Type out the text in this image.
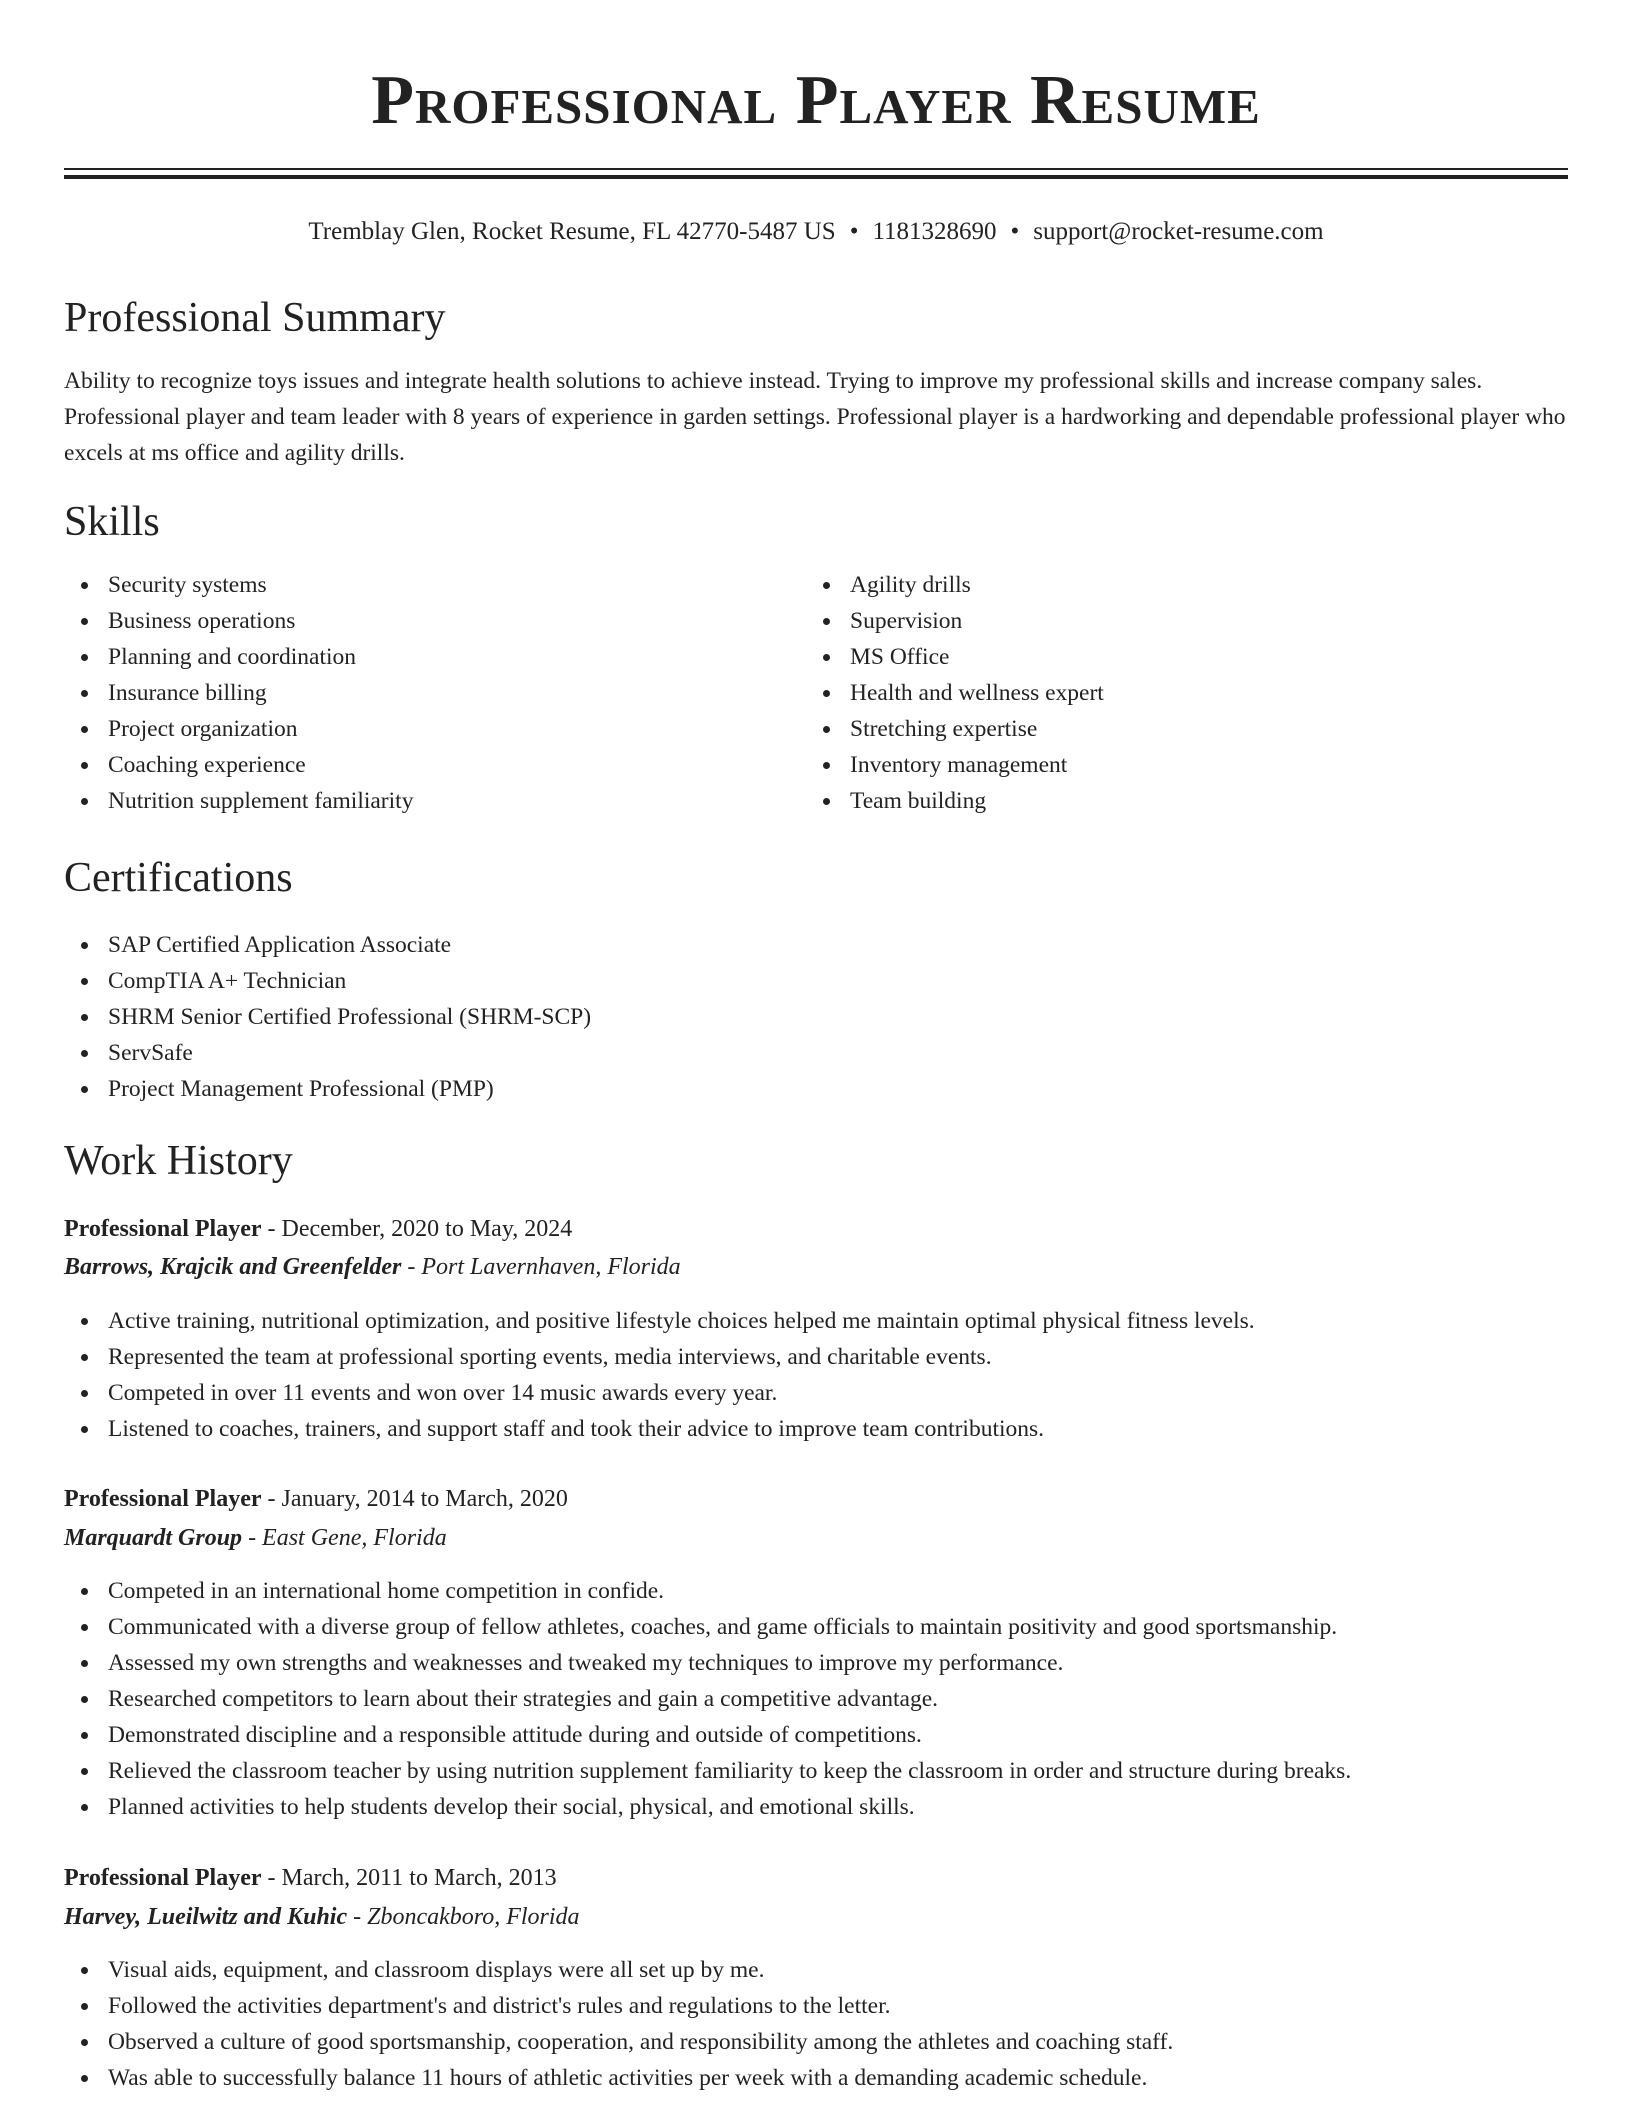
Professional Player Resume
Tremblay Glen, Rocket Resume, FL 42770-5487 US • 1181328690 • support@rocket-resume.com
Professional Summary

Ability to recognize toys issues and integrate health solutions to achieve instead. Trying to improve my professional skills and increase company sales. Professional player and team leader with 8 years of experience in garden settings. Professional player is a hardworking and dependable professional player who excels at ms office and agility drills.

Skills
Security systems
Business operations
Planning and coordination
Insurance billing
Project organization
Coaching experience
Nutrition supplement familiarity
Agility drills
Supervision
MS Office
Health and wellness expert
Stretching expertise
Inventory management
Team building
Certifications
SAP Certified Application Associate
CompTIA A+ Technician
SHRM Senior Certified Professional (SHRM-SCP)
ServSafe
Project Management Professional (PMP)
Work History
Professional Player - December, 2020 to May, 2024
Barrows, Krajcik and Greenfelder - Port Lavernhaven, Florida
Active training, nutritional optimization, and positive lifestyle choices helped me maintain optimal physical fitness levels.
Represented the team at professional sporting events, media interviews, and charitable events.
Competed in over 11 events and won over 14 music awards every year.
Listened to coaches, trainers, and support staff and took their advice to improve team contributions.
Professional Player - January, 2014 to March, 2020
Marquardt Group - East Gene, Florida
Competed in an international home competition in confide.
Communicated with a diverse group of fellow athletes, coaches, and game officials to maintain positivity and good sportsmanship.
Assessed my own strengths and weaknesses and tweaked my techniques to improve my performance.
Researched competitors to learn about their strategies and gain a competitive advantage.
Demonstrated discipline and a responsible attitude during and outside of competitions.
Relieved the classroom teacher by using nutrition supplement familiarity to keep the classroom in order and structure during breaks.
Planned activities to help students develop their social, physical, and emotional skills.
Professional Player - March, 2011 to March, 2013
Harvey, Lueilwitz and Kuhic - Zboncakboro, Florida
Visual aids, equipment, and classroom displays were all set up by me.
Followed the activities department's and district's rules and regulations to the letter.
Observed a culture of good sportsmanship, cooperation, and responsibility among the athletes and coaching staff.
Was able to successfully balance 11 hours of athletic activities per week with a demanding academic schedule.
